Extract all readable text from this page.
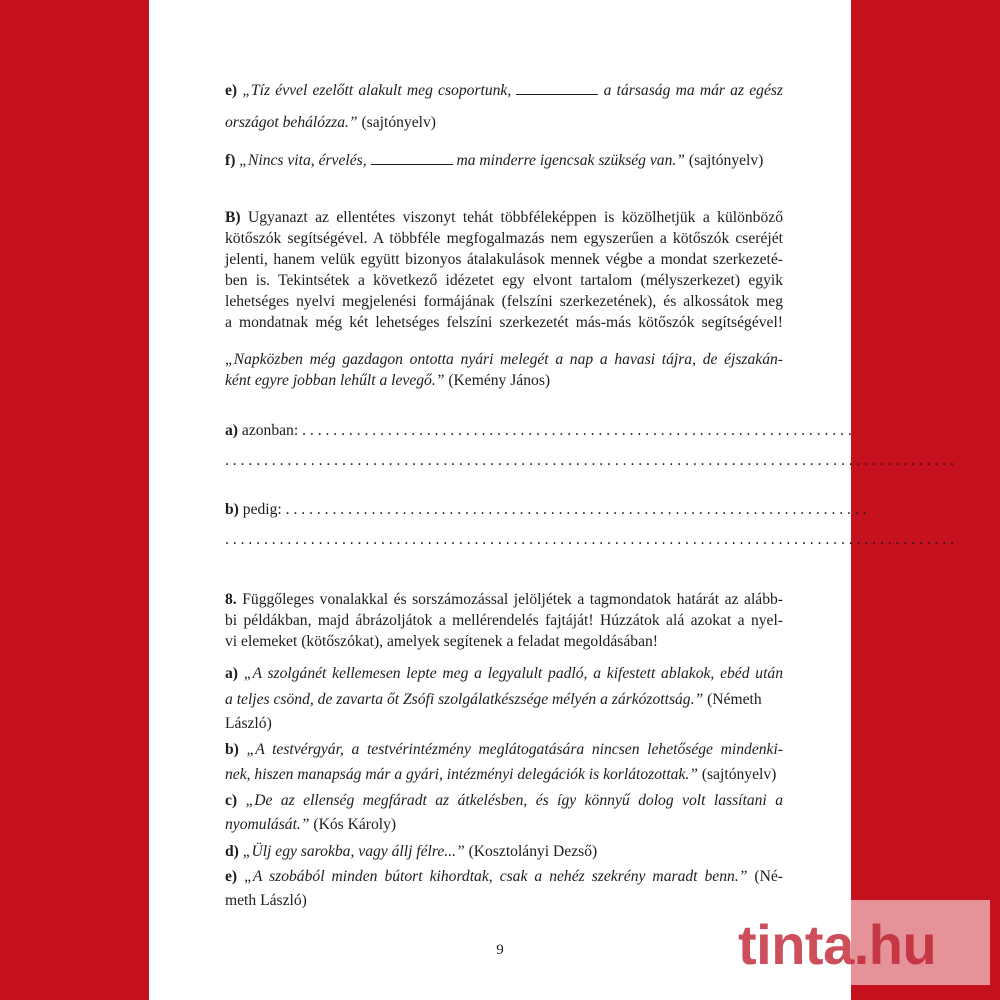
e) „Tíz évvel ezelőtt alakult meg csoportunk,	a társaság ma már az egész
országot behálózza.” (sajtónyelv)
f) „Nincs vita, érvelés,	ma minderre igencsak szükség van.” (sajtónyelv)
B) Ugyanazt az ellentétes viszonyt tehát többféleképpen is közölhetjük a különböző
kötőszók segítségével. A többféle megfogalmazás nem egyszerűen a kötőszók cseréjét
jelenti, hanem velük együtt bizonyos átalakulások mennek végbe a mondat szerkezeté-
ben is. Tekintsétek a következő idézetet egy elvont tartalom (mélyszerkezet) egyik
lehetséges nyelvi megjelenési formájának (felszíni szerkezetének), és alkossátok meg
a mondatnak még két lehetséges felszíni szerkezetét más-más kötőszók segítségével!
„Napközben még gazdagon ontotta nyári melegét a nap a havasi tájra, de éjszakán-
ként egyre jobban lehűlt a levegő.” (Kemény János)
a) azonban: . . . . . . . . . . . . . . . . . . . . . . . . . . . . . . . . . . . . . . . . . . . . . . . . . . . . . . . . . . . . . . . . . . . . . . .
. . . . . . . . . . . . . . . . . . . . . . . . . . . . . . . . . . . . . . . . . . . . . . . . . . . . . . . . . . . . . . . . . . . . . . . . . . . . . . . . . . . . . . . . . . . . . .
b) pedig: . . . . . . . . . . . . . . . . . . . . . . . . . . . . . . . . . . . . . . . . . . . . . . . . . . . . . . . . . . . . . . . . . . . . . . . . . . .
. . . . . . . . . . . . . . . . . . . . . . . . . . . . . . . . . . . . . . . . . . . . . . . . . . . . . . . . . . . . . . . . . . . . . . . . . . . . . . . . . . . . . . . . . . . . . .
8. Függőleges vonalakkal és sorszámozással jelöljétek a tagmondatok határát az alább-
bi példákban, majd ábrázoljátok a mellérendelés fajtáját! Húzzátok alá azokat a nyel-
vi elemeket (kötőszókat), amelyek segítenek a feladat megoldásában!
a) „A szolgánét kellemesen lepte meg a legyalult padló, a kifestett ablakok, ebéd után
a teljes csönd, de zavarta őt Zsófi szolgálatkészsége mélyén a zárkózottság.” (Németh
László)
b) „A testvérgyár, a testvérintézmény meglátogatására nincsen lehetősége mindenki-
nek, hiszen manapság már a gyári, intézményi delegációk is korlátozottak.” (sajtónyelv)
c) „De az ellenség megfáradt az átkelésben, és így könnyű dolog volt lassítani a
nyomulását.” (Kós Károly)
d) „Ülj egy sarokba, vagy állj félre...” (Kosztolányi Dezső)
e) „A szobából minden bútort kihordtak, csak a nehéz szekrény maradt benn.” (Né-
meth László)
9	tinta.hu
